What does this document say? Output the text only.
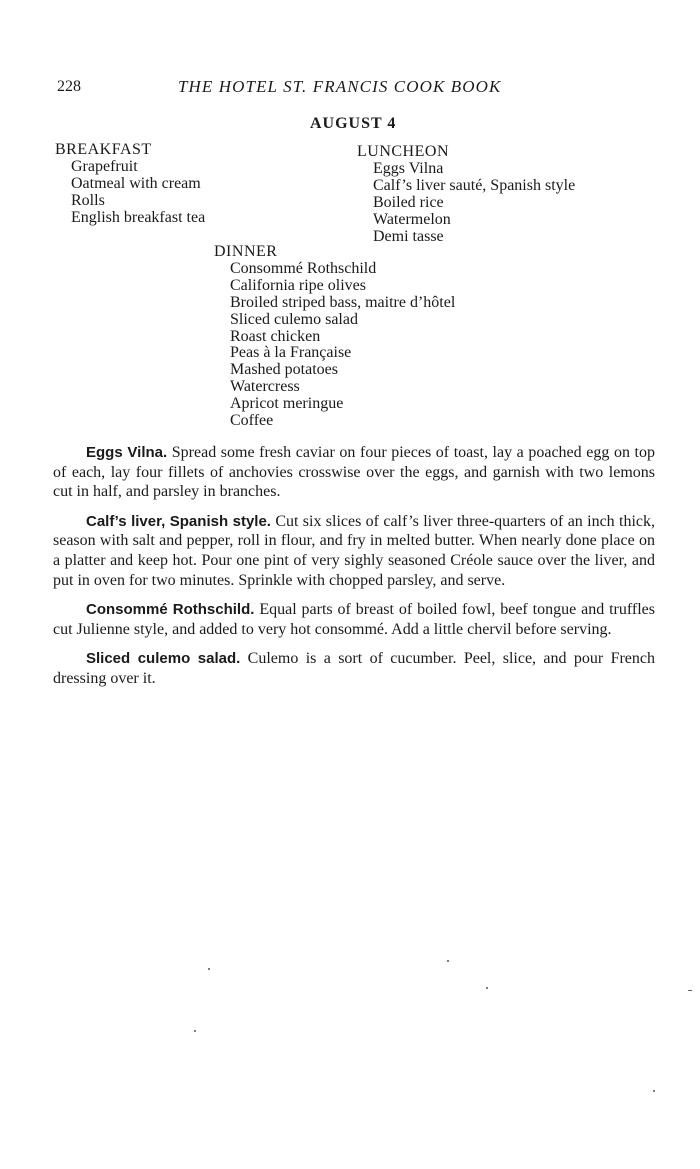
228	THE HOTEL ST. FRANCIS COOK BOOK
AUGUST 4
BREAKFAST
Grapefruit
Oatmeal with cream
Rolls
English breakfast tea
LUNCHEON
Eggs Vilna
Calf’s liver sauté, Spanish style
Boiled rice
Watermelon
Demi tasse
DINNER
Consommé Rothschild
California ripe olives
Broiled striped bass, maitre d’hôtel
Sliced culemo salad
Roast chicken
Peas à la Française
Mashed potatoes
Watercress
Apricot meringue
Coffee

Eggs Vilna. Spread some fresh caviar on four pieces of toast, lay a poached egg on top of each, lay four fillets of anchovies crosswise over the eggs, and garnish with two lemons cut in half, and parsley in branches.

Calf’s liver, Spanish style. Cut six slices of calf’s liver three-quarters of an inch thick, season with salt and pepper, roll in flour, and fry in melted butter. When nearly done place on a platter and keep hot. Pour one pint of very sighly seasoned Créole sauce over the liver, and put in oven for two minutes. Sprinkle with chopped parsley, and serve.

Consommé Rothschild. Equal parts of breast of boiled fowl, beef tongue and truffles cut Julienne style, and added to very hot consommé. Add a little chervil before serving.

Sliced culemo salad. Culemo is a sort of cucumber. Peel, slice, and pour French dressing over it.
